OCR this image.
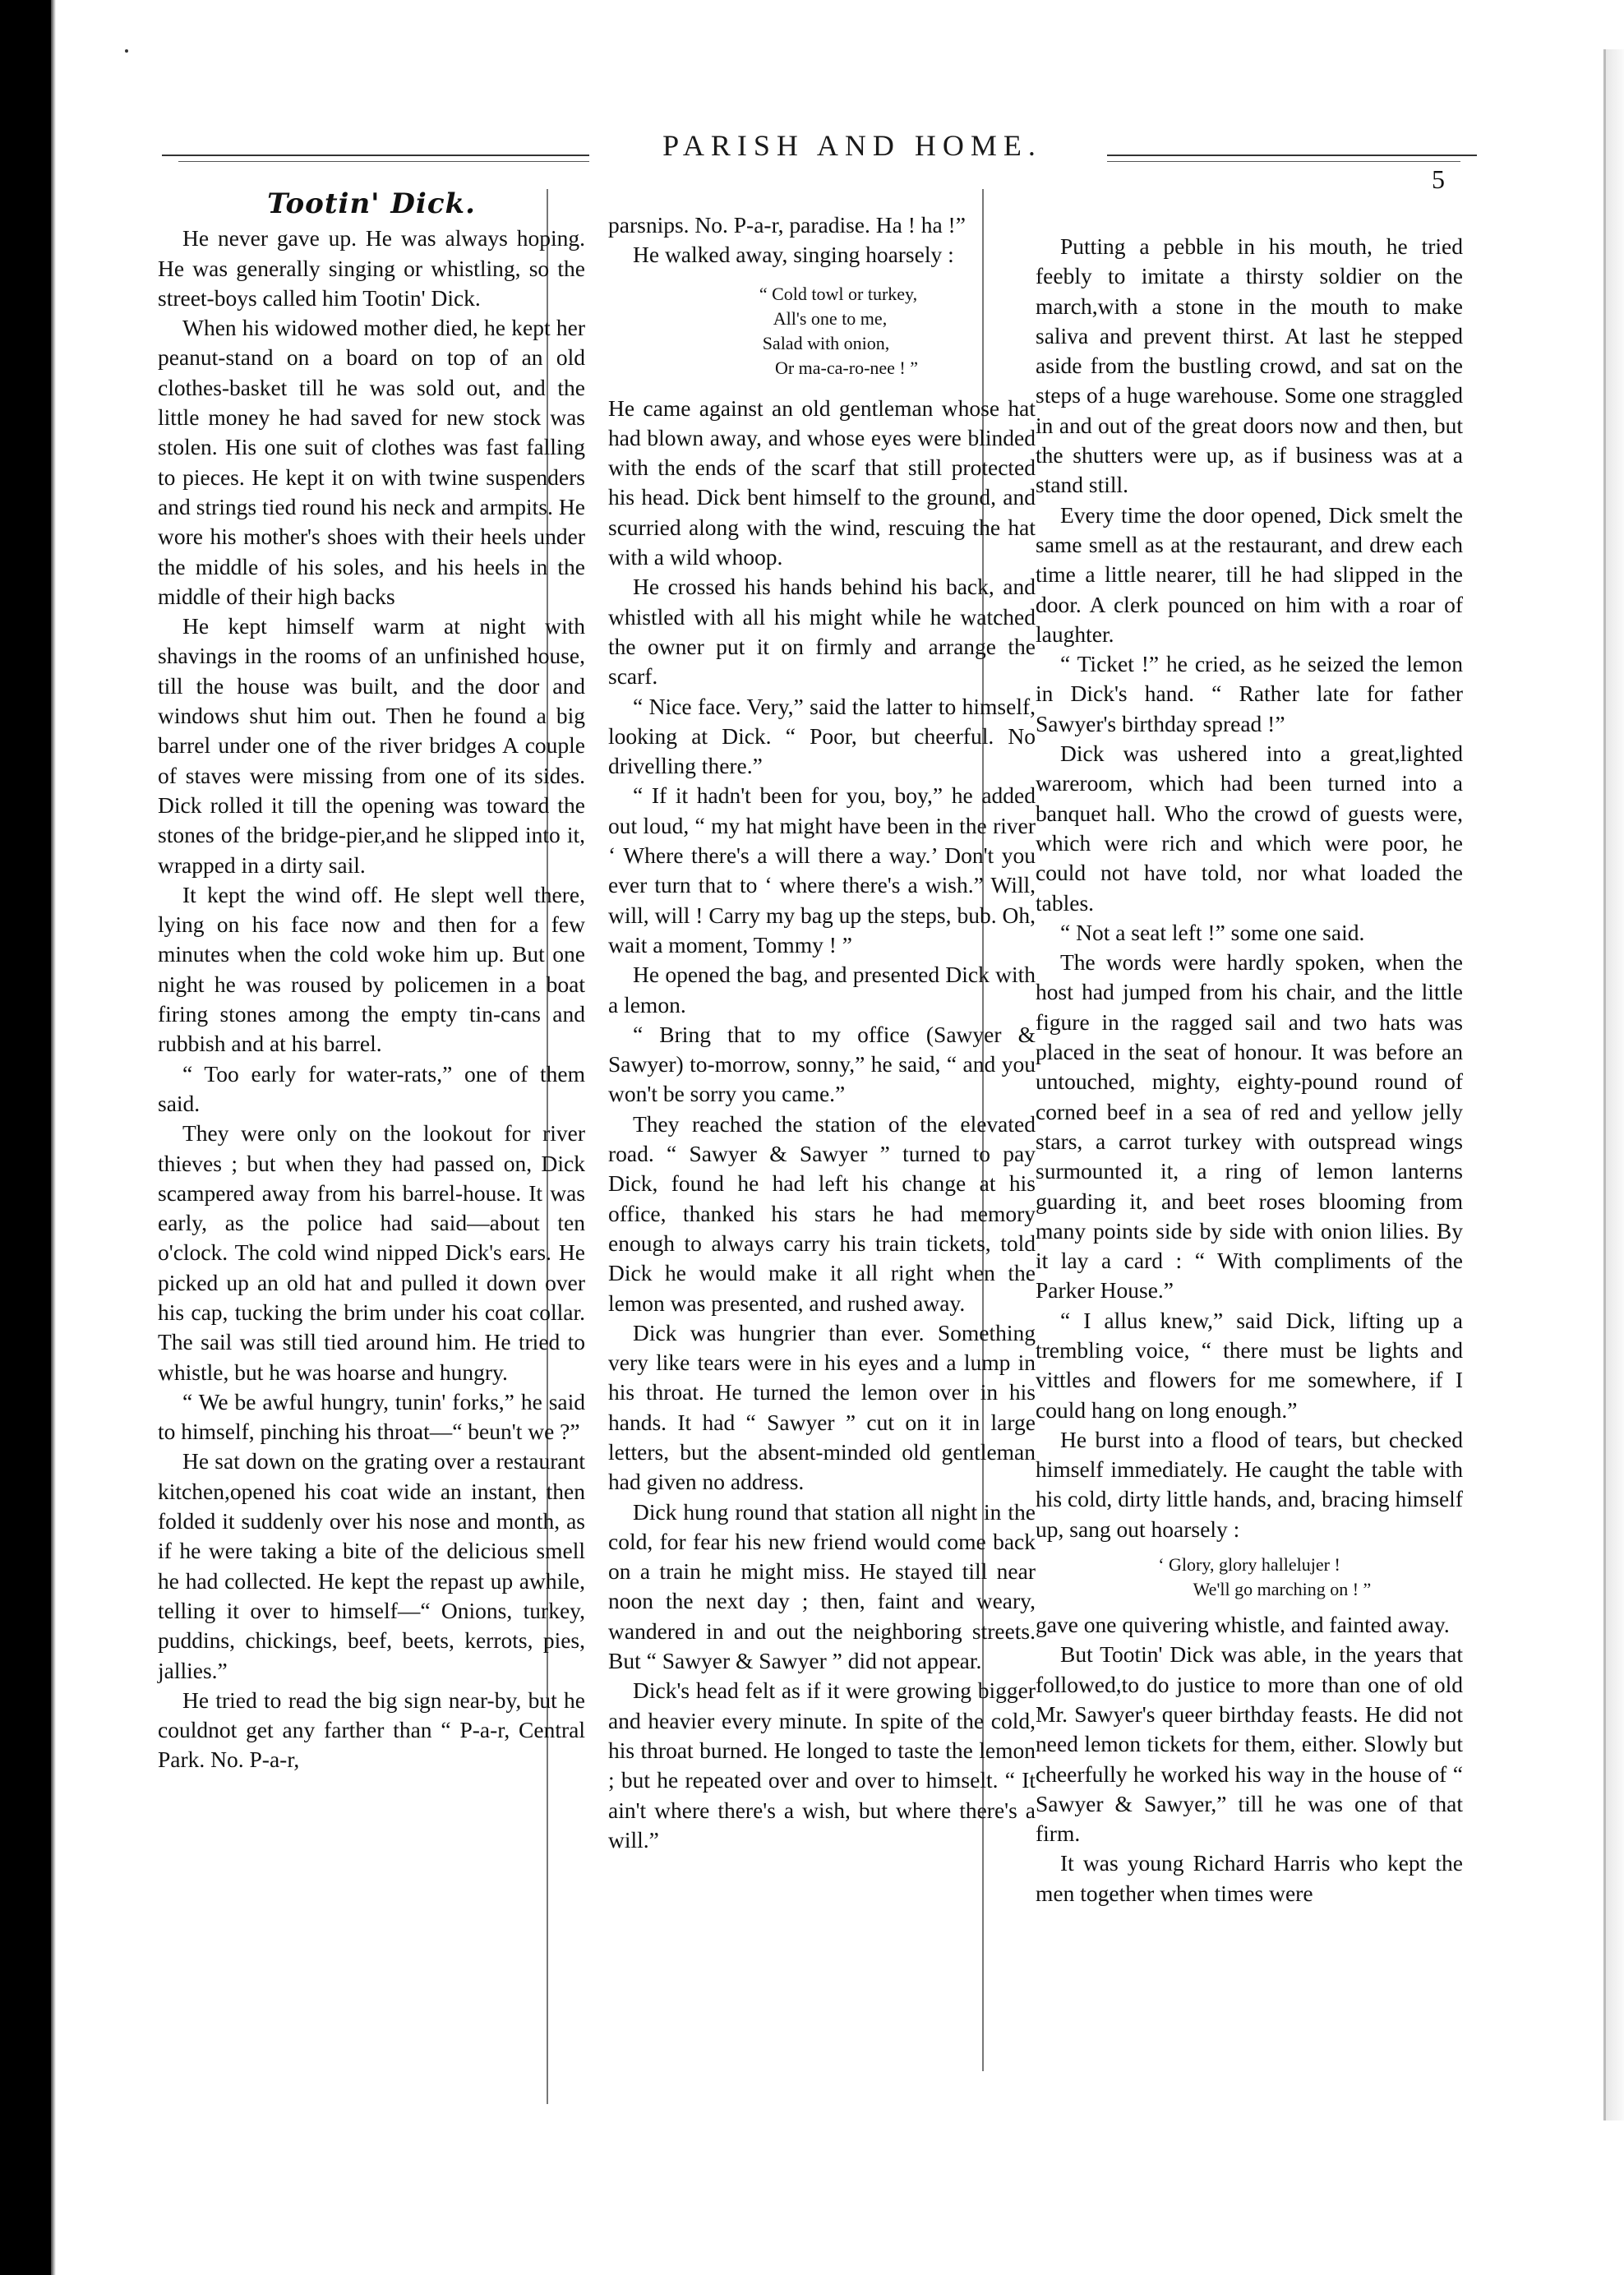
PARISH AND HOME.
5
Tootin' Dick.

He never gave up. He was always hoping. He was generally singing or whistling, so the street-boys called him Tootin' Dick.

When his widowed mother died, he kept her peanut-stand on a board on top of an old clothes-basket till he was sold out, and the little money he had saved for new stock was stolen. His one suit of clothes was fast falling to pieces. He kept it on with twine suspenders and strings tied round his neck and armpits. He wore his mother's shoes with their heels under the middle of his soles, and his heels in the middle of their high backs

He kept himself warm at night with shavings in the rooms of an unfinished house, till the house was built, and the door and windows shut him out. Then he found a big barrel under one of the river bridges A couple of staves were missing from one of its sides. Dick rolled it till the opening was toward the stones of the bridge-pier,and he slipped into it, wrapped in a dirty sail.

It kept the wind off. He slept well there, lying on his face now and then for a few minutes when the cold woke him up. But one night he was roused by policemen in a boat firing stones among the empty tin-cans and rubbish and at his barrel.

“ Too early for water-rats,” one of them said.

They were only on the lookout for river thieves ; but when they had passed on, Dick scampered away from his barrel-house. It was early, as the police had said—about ten o'clock. The cold wind nipped Dick's ears. He picked up an old hat and pulled it down over his cap, tucking the brim under his coat collar. The sail was still tied around him. He tried to whistle, but he was hoarse and hungry.

“ We be awful hungry, tunin' forks,” he said to himself, pinching his throat—“ beun't we ?”

He sat down on the grating over a restaurant kitchen,opened his coat wide an instant, then folded it suddenly over his nose and month, as if he were taking a bite of the delicious smell he had collected. He kept the repast up awhile, telling it over to himself—“ Onions, turkey, puddins, chickings, beef, beets, kerrots, pies, jallies.”

He tried to read the big sign near-by, but he couldnot get any farther than “ P-a-r, Central Park. No. P-a-r,

parsnips. No. P-a-r, paradise. Ha ! ha !”

He walked away, singing hoarsely :

“ Cold towl or turkey,
All's one to me,
Salad with onion,
Or ma-ca-ro-nee ! ”

He came against an old gentleman whose hat had blown away, and whose eyes were blinded with the ends of the scarf that still protected his head. Dick bent himself to the ground, and scurried along with the wind, rescuing the hat with a wild whoop.

He crossed his hands behind his back, and whistled with all his might while he watched the owner put it on firmly and arrange the scarf.

“ Nice face. Very,” said the latter to himself, looking at Dick. “ Poor, but cheerful. No drivelling there.”

“ If it hadn't been for you, boy,” he added out loud, “ my hat might have been in the river ‘ Where there's a will there a way.’ Don't you ever turn that to ‘ where there's a wish.” Will, will, will ! Carry my bag up the steps, bub. Oh, wait a moment, Tommy ! ”

He opened the bag, and presented Dick with a lemon.

“ Bring that to my office (Sawyer & Sawyer) to-morrow, sonny,” he said, “ and you won't be sorry you came.”

They reached the station of the elevated road. “ Sawyer & Sawyer ” turned to pay Dick, found he had left his change at his office, thanked his stars he had memory enough to always carry his train tickets, told Dick he would make it all right when the lemon was presented, and rushed away.

Dick was hungrier than ever. Something very like tears were in his eyes and a lump in his throat. He turned the lemon over in his hands. It had “ Sawyer ” cut on it in large letters, but the absent-minded old gentleman had given no address.

Dick hung round that station all night in the cold, for fear his new friend would come back on a train he might miss. He stayed till near noon the next day ; then, faint and weary, wandered in and out the neighboring streets. But “ Sawyer & Sawyer ” did not appear.

Dick's head felt as if it were growing bigger and heavier every minute. In spite of the cold, his throat burned. He longed to taste the lemon ; but he repeated over and over to himselt. “ It ain't where there's a wish, but where there's a will.”

Putting a pebble in his mouth, he tried feebly to imitate a thirsty soldier on the march,with a stone in the mouth to make saliva and prevent thirst. At last he stepped aside from the bustling crowd, and sat on the steps of a huge warehouse. Some one straggled in and out of the great doors now and then, but the shutters were up, as if business was at a stand still.

Every time the door opened, Dick smelt the same smell as at the restaurant, and drew each time a little nearer, till he had slipped in the door. A clerk pounced on him with a roar of laughter.

“ Ticket !” he cried, as he seized the lemon in Dick's hand. “ Rather late for father Sawyer's birthday spread !”

Dick was ushered into a great,lighted wareroom, which had been turned into a banquet hall. Who the crowd of guests were, which were rich and which were poor, he could not have told, nor what loaded the tables.

“ Not a seat left !” some one said.

The words were hardly spoken, when the host had jumped from his chair, and the little figure in the ragged sail and two hats was placed in the seat of honour. It was before an untouched, mighty, eighty-pound round of corned beef in a sea of red and yellow jelly stars, a carrot turkey with outspread wings surmounted it, a ring of lemon lanterns guarding it, and beet roses blooming from many points side by side with onion lilies. By it lay a card : “ With compliments of the Parker House.”

“ I allus knew,” said Dick, lifting up a trembling voice, “ there must be lights and vittles and flowers for me somewhere, if I could hang on long enough.”

He burst into a flood of tears, but checked himself immediately. He caught the table with his cold, dirty little hands, and, bracing himself up, sang out hoarsely :

‘ Glory, glory hallelujer !
We'll go marching on ! ”

gave one quivering whistle, and fainted away.

But Tootin' Dick was able, in the years that followed,to do justice to more than one of old Mr. Sawyer's queer birthday feasts. He did not need lemon tickets for them, either. Slowly but cheerfully he worked his way in the house of “ Sawyer & Sawyer,” till he was one of that firm.

It was young Richard Harris who kept the men together when times were
